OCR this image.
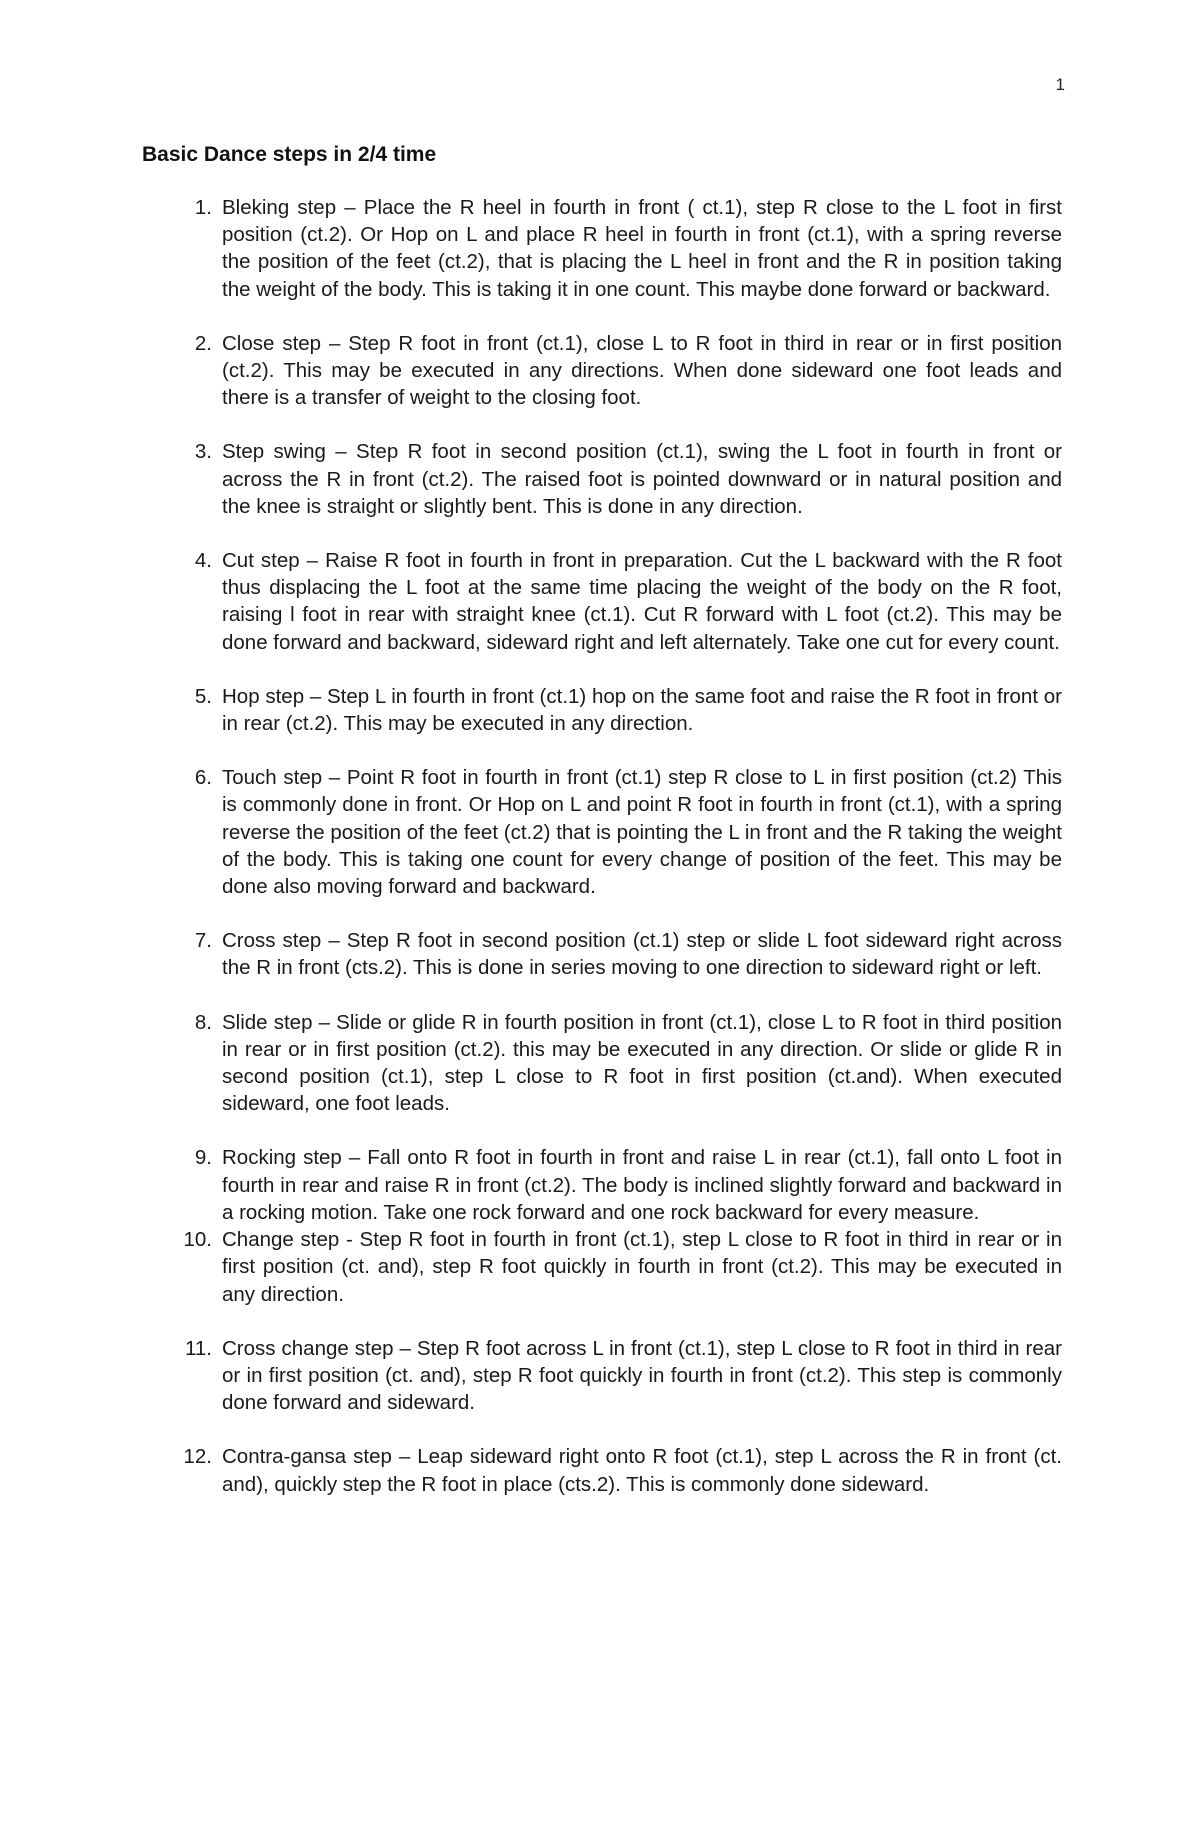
1
Basic Dance steps in 2/4 time
1. Bleking step – Place the R heel in fourth in front ( ct.1), step R close to the L foot in first position (ct.2). Or Hop on L and place R heel in fourth in front (ct.1), with a spring reverse the position of the feet (ct.2), that is placing the L heel in front and the R in position taking the weight of the body. This is taking it in one count. This maybe done forward or backward.
2. Close step – Step R foot in front (ct.1), close L to R foot in third in rear or in first position (ct.2). This may be executed in any directions. When done sideward one foot leads and there is a transfer of weight to the closing foot.
3. Step swing – Step R foot in second position (ct.1), swing the L foot in fourth in front or across the R in front (ct.2). The raised foot is pointed downward or in natural position and the knee is straight or slightly bent. This is done in any direction.
4. Cut step – Raise R foot in fourth in front in preparation. Cut the L backward with the R foot thus displacing the L foot at the same time placing the weight of the body on the R foot, raising l foot in rear with straight knee (ct.1). Cut R forward with L foot (ct.2). This may be done forward and backward, sideward right and left alternately. Take one cut for every count.
5. Hop step – Step L in fourth in front (ct.1) hop on the same foot and raise the R foot in front or in rear (ct.2). This may be executed in any direction.
6. Touch step – Point R foot in fourth in front (ct.1) step R close to L in first position (ct.2) This is commonly done in front. Or Hop on L and point R foot in fourth in front (ct.1), with a spring reverse the position of the feet (ct.2) that is pointing the L in front and the R taking the weight of the body. This is taking one count for every change of position of the feet. This may be done also moving forward and backward.
7. Cross step – Step R foot in second position (ct.1) step or slide L foot sideward right across the R in front (cts.2). This is done in series moving to one direction to sideward right or left.
8. Slide step – Slide or glide R in fourth position in front (ct.1), close L to R foot in third position in rear or in first position (ct.2). this may be executed in any direction. Or slide or glide R in second position (ct.1), step L close to R foot in first position (ct.and). When executed sideward, one foot leads.
9. Rocking step – Fall onto R foot in fourth in front and raise L in rear (ct.1), fall onto L foot in fourth in rear and raise R in front (ct.2). The body is inclined slightly forward and backward in a rocking motion. Take one rock forward and one rock backward for every measure.
10. Change step - Step R foot in fourth in front (ct.1), step L close to R foot in third in rear or in first position (ct. and), step R foot quickly in fourth in front (ct.2). This may be executed in any direction.
11. Cross change step – Step R foot across L in front (ct.1), step L close to R foot in third in rear or in first position (ct. and), step R foot quickly in fourth in front (ct.2). This step is commonly done forward and sideward.
12. Contra-gansa step – Leap sideward right onto R foot (ct.1), step L across the R in front (ct. and), quickly step the R foot in place (cts.2). This is commonly done sideward.
